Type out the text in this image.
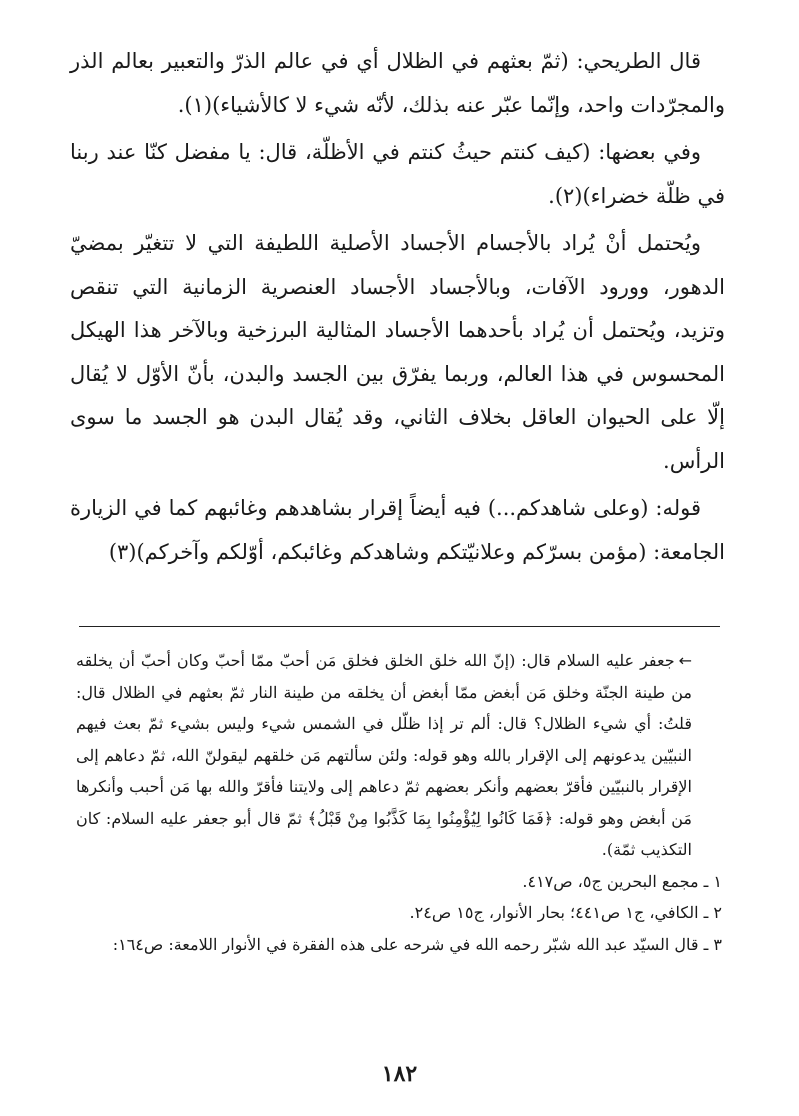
قال الطريحي: (ثمّ بعثهم في الظلال أي في عالم الذرّ والتعبير بعالم الذر والمجرّدات واحد، وإنّما عبّر عنه بذلك، لأنّه شيء لا كالأشياء)(١).

وفي بعضها: (كيف كنتم حيثُ كنتم في الأظلّة، قال: يا مفضل كنّا عند ربنا في ظلّة خضراء)(٢).

ويُحتمل أنْ يُراد بالأجسام الأجساد الأصلية اللطيفة التي لا تتغيّر بمضيّ الدهور، وورود الآفات، وبالأجساد الأجساد العنصرية الزمانية التي تنقص وتزيد، ويُحتمل أن يُراد بأحدهما الأجساد المثالية البرزخية وبالآخر هذا الهيكل المحسوس في هذا العالم، وربما يفرّق بين الجسد والبدن، بأنّ الأوّل لا يُقال إلّا على الحيوان العاقل بخلاف الثاني، وقد يُقال البدن هو الجسد ما سوى الرأس.

قوله: (وعلى شاهدكم...) فيه أيضاً إقرار بشاهدهم وغائبهم كما في الزيارة الجامعة: (مؤمن بسرّكم وعلانيّتكم وشاهدكم وغائبكم، أوّلكم وآخركم)(٣)

←جعفر عليه السلام قال: (إنّ الله خلق الخلق فخلق مَن أحبّ ممّا أحبّ وكان أحبّ أن يخلقه من طينة الجنّة وخلق مَن أبغض ممّا أبغض أن يخلقه من طينة النار ثمّ بعثهم في الظلال قال: قلتُ: أي شيء الظلال؟ قال: ألم تر إذا ظلّل في الشمس شيء وليس بشيء ثمّ بعث فيهم النبيّين يدعونهم إلى الإقرار بالله وهو قوله: ولئن سألتهم مَن خلقهم ليقولنّ الله، ثمّ دعاهم إلى الإقرار بالنبيّين فأقرّ بعضهم وأنكر بعضهم ثمّ دعاهم إلى ولايتنا فأقرّ والله بها مَن أحبب وأنكرها مَن أبغض وهو قوله: ﴿فَمَا كَانُوا لِيُؤْمِنُوا بِمَا كَذَّبُوا مِنْ قَبْلُ﴾ ثمّ قال أبو جعفر عليه السلام: كان التكذيب ثمّة).

١ ـ مجمع البحرين ج٥، ص٤١٧.

٢ ـ الكافي، ج١ ص٤٤١؛ بحار الأنوار، ج١٥ ص٢٤.

٣ ـ قال السيّد عبد الله شبّر رحمه الله في شرحه على هذه الفقرة في الأنوار اللامعة: ص١٦٤:

١٨٢
